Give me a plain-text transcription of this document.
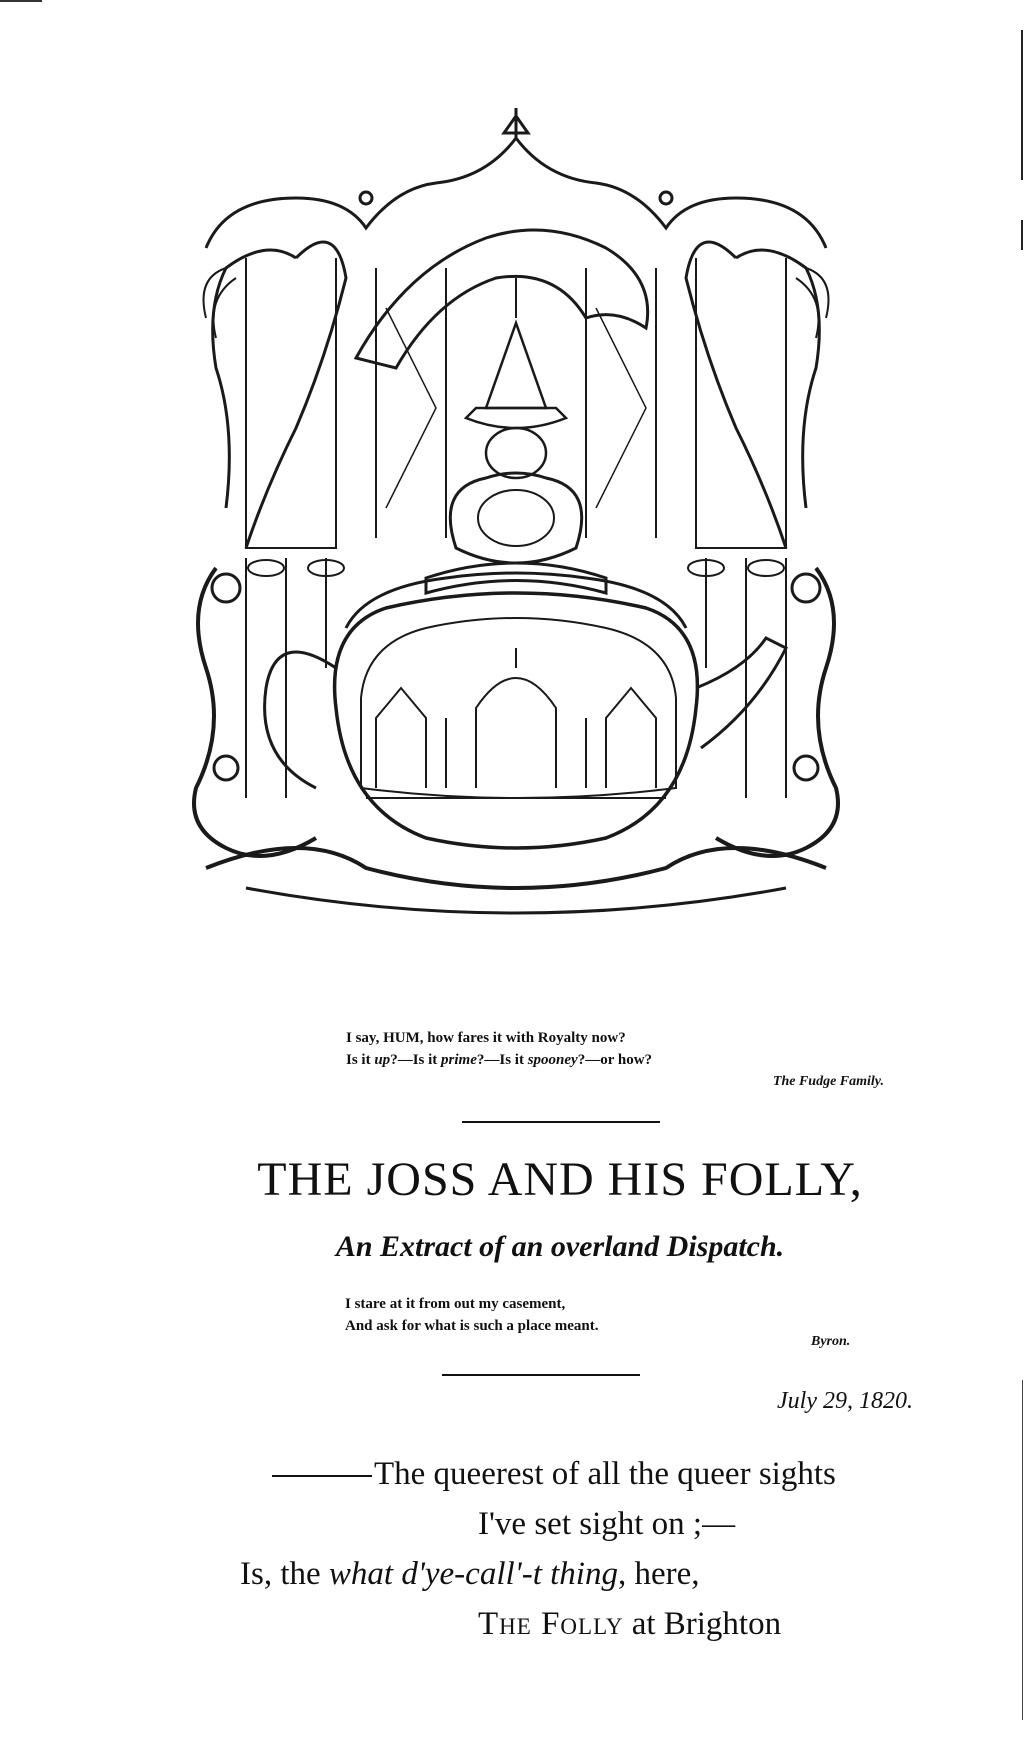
I say, HUM, how fares it with Royalty now?
Is it up?—Is it prime?—Is it spooney?—or how?
The Fudge Family.
THE JOSS AND HIS FOLLY,
An Extract of an overland Dispatch.
I stare at it from out my casement,
And ask for what is such a place meant.
Byron.
July 29, 1820.
The queerest of all the queer sights
I've set sight on ;—
Is, the what d'ye-call'-t thing, here,
The Folly at Brighton
